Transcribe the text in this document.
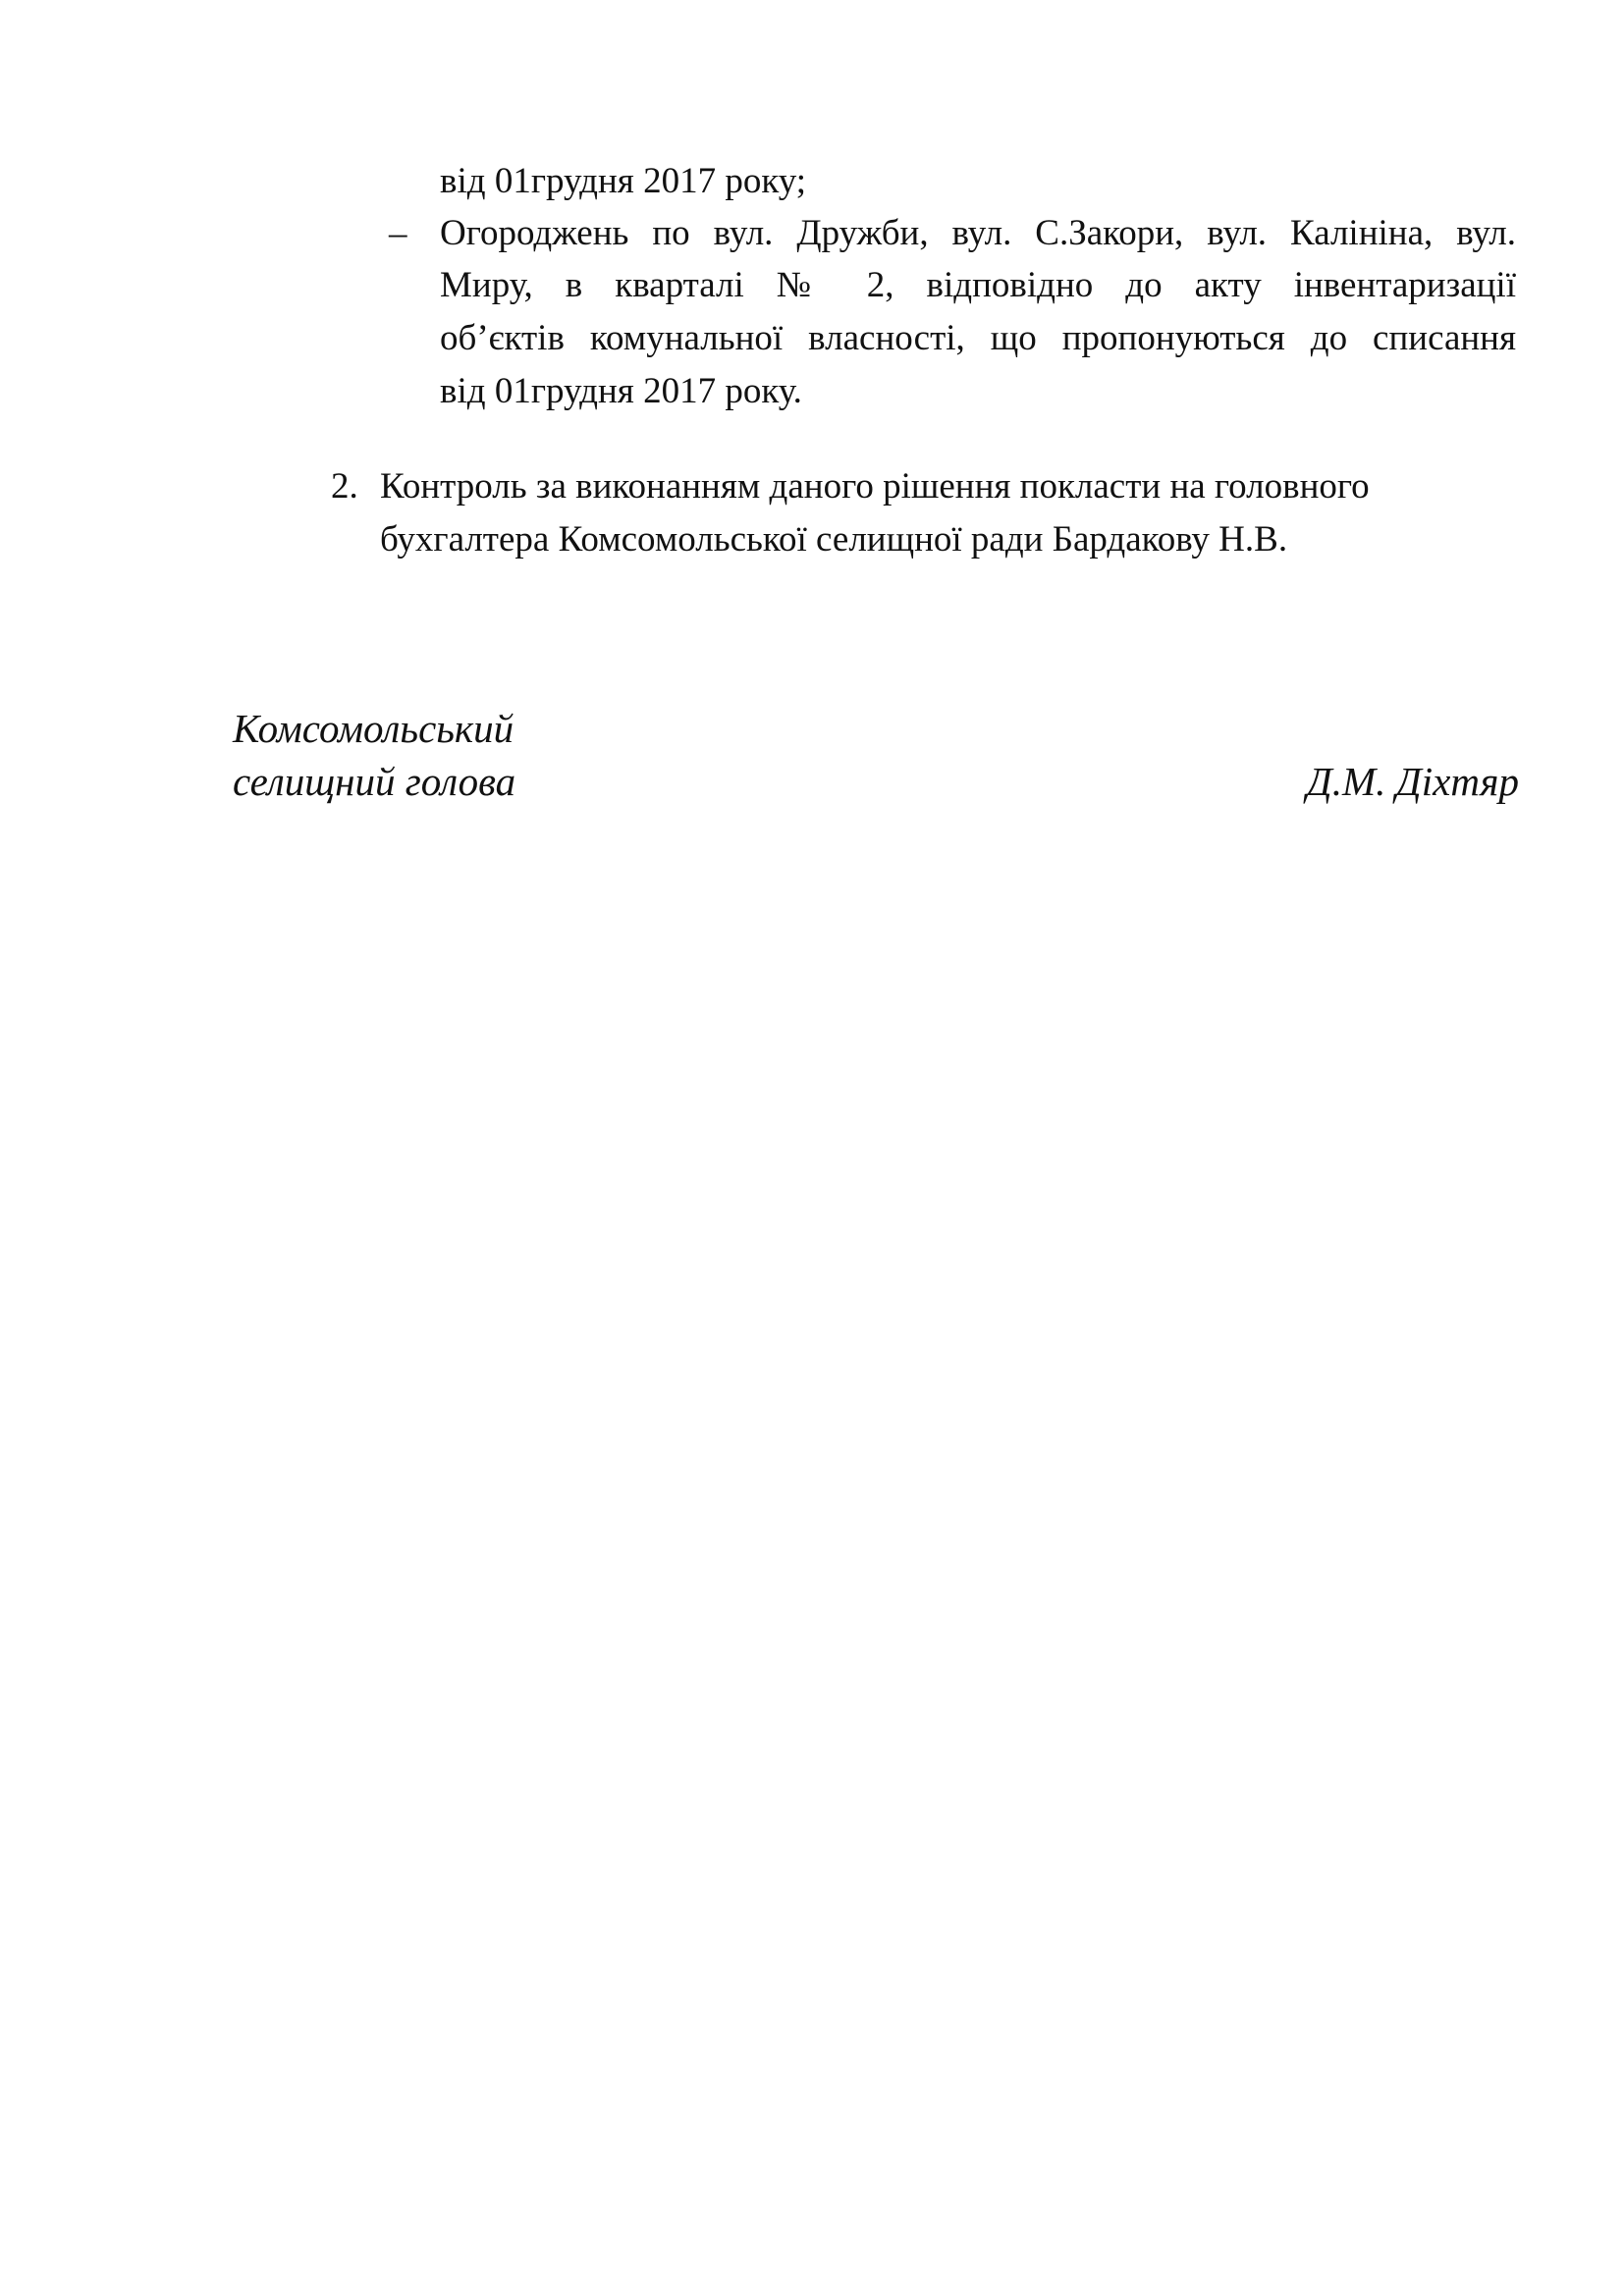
від 01грудня 2017 року;
– Огороджень по вул. Дружби, вул. С.Закори, вул. Калініна, вул.
Миру, в кварталі № 2, відповідно до акту інвентаризації
об’єктів комунальної власності, що пропонуються до списання
від 01грудня 2017 року.
2. Контроль за виконанням даного рішення покласти на головного
бухгалтера Комсомольської селищної ради Бардакову Н.В.
Комсомольський
селищний голова	Д.М. Діхтяр
